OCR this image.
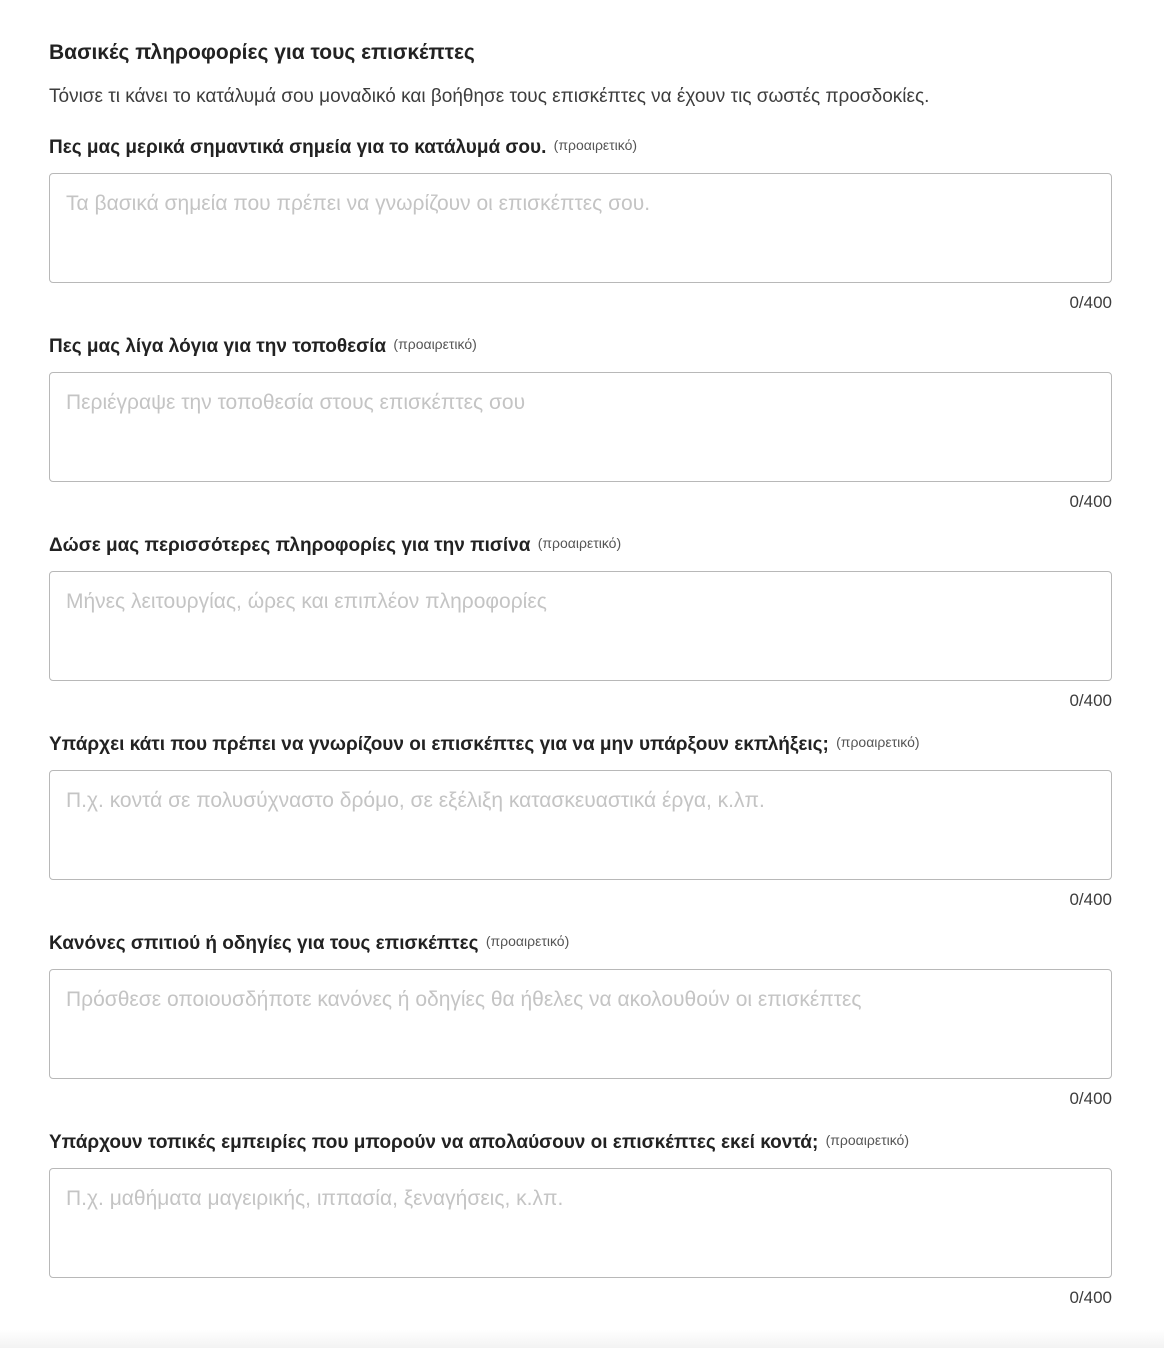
Βασικές πληροφορίες για τους επισκέπτες

Τόνισε τι κάνει το κατάλυμά σου μοναδικό και βοήθησε τους επισκέπτες να έχουν τις σωστές προσδοκίες.

Πες μας μερικά σημαντικά σημεία για το κατάλυμά σου. (προαιρετικό)
Τα βασικά σημεία που πρέπει να γνωρίζουν οι επισκέπτες σου.
0/400
Πες μας λίγα λόγια για την τοποθεσία (προαιρετικό)
Περιέγραψε την τοποθεσία στους επισκέπτες σου
0/400
Δώσε μας περισσότερες πληροφορίες για την πισίνα (προαιρετικό)
Μήνες λειτουργίας, ώρες και επιπλέον πληροφορίες
0/400
Υπάρχει κάτι που πρέπει να γνωρίζουν οι επισκέπτες για να μην υπάρξουν εκπλήξεις; (προαιρετικό)
Π.χ. κοντά σε πολυσύχναστο δρόμο, σε εξέλιξη κατασκευαστικά έργα, κ.λπ.
0/400
Κανόνες σπιτιού ή οδηγίες για τους επισκέπτες (προαιρετικό)
Πρόσθεσε οποιουσδήποτε κανόνες ή οδηγίες θα ήθελες να ακολουθούν οι επισκέπτες
0/400
Υπάρχουν τοπικές εμπειρίες που μπορούν να απολαύσουν οι επισκέπτες εκεί κοντά; (προαιρετικό)
Π.χ. μαθήματα μαγειρικής, ιππασία, ξεναγήσεις, κ.λπ.
0/400
